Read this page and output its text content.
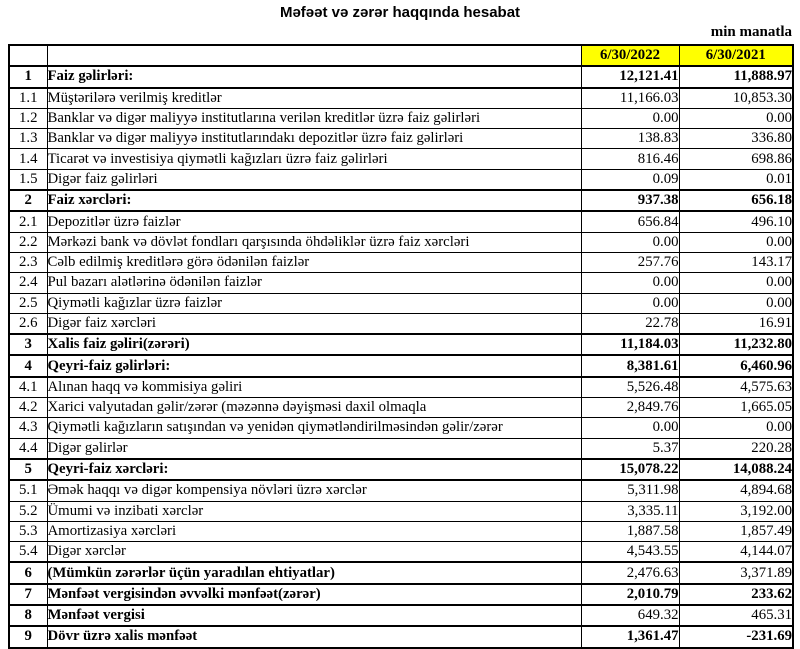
Məfəət və zərər haqqında hesabat
min manatla
		6/30/2022	6/30/2021
1	Faiz gəlirləri:	12,121.41	11,888.97
1.1	Müştərilərə verilmiş kreditlər	11,166.03	10,853.30
1.2	Banklar və digər maliyyə institutlarına verilən kreditlər üzrə faiz gəlirləri	0.00	0.00
1.3	Banklar və digər maliyyə institutlarındakı depozitlər üzrə faiz gəlirləri	138.83	336.80
1.4	Ticarət və investisiya qiymətli kağızları üzrə faiz gəlirləri	816.46	698.86
1.5	Digər faiz gəlirləri	0.09	0.01
2	Faiz xərcləri:	937.38	656.18
2.1	Depozitlər üzrə faizlər	656.84	496.10
2.2	Mərkəzi bank və dövlət fondları qarşısında öhdəliklər üzrə faiz xərcləri	0.00	0.00
2.3	Cəlb edilmiş kreditlərə görə ödənilən faizlər	257.76	143.17
2.4	Pul bazarı alətlərinə ödənilən faizlər	0.00	0.00
2.5	Qiymətli kağızlar üzrə faizlər	0.00	0.00
2.6	Digər faiz xərcləri	22.78	16.91
3	Xalis faiz gəliri(zərəri)	11,184.03	11,232.80
4	Qeyri-faiz gəlirləri:	8,381.61	6,460.96
4.1	Alınan haqq və kommisiya gəliri	5,526.48	4,575.63
4.2	Xarici valyutadan gəlir/zərər (məzənnə dəyişməsi daxil olmaqla	2,849.76	1,665.05
4.3	Qiymətli kağızların satışından və yenidən qiymətləndirilməsindən gəlir/zərər	0.00	0.00
4.4	Digər gəlirlər	5.37	220.28
5	Qeyri-faiz xərcləri:	15,078.22	14,088.24
5.1	Əmək haqqı və digər kompensiya növləri üzrə xərclər	5,311.98	4,894.68
5.2	Ümumi və inzibati xərclər	3,335.11	3,192.00
5.3	Amortizasiya xərcləri	1,887.58	1,857.49
5.4	Digər xərclər	4,543.55	4,144.07
6	(Mümkün zərərlər üçün yaradılan ehtiyatlar)	2,476.63	3,371.89
7	Mənfəət vergisindən əvvəlki mənfəət(zərər)	2,010.79	233.62
8	Mənfəət vergisi	649.32	465.31
9	Dövr üzrə xalis mənfəət	1,361.47	-231.69
